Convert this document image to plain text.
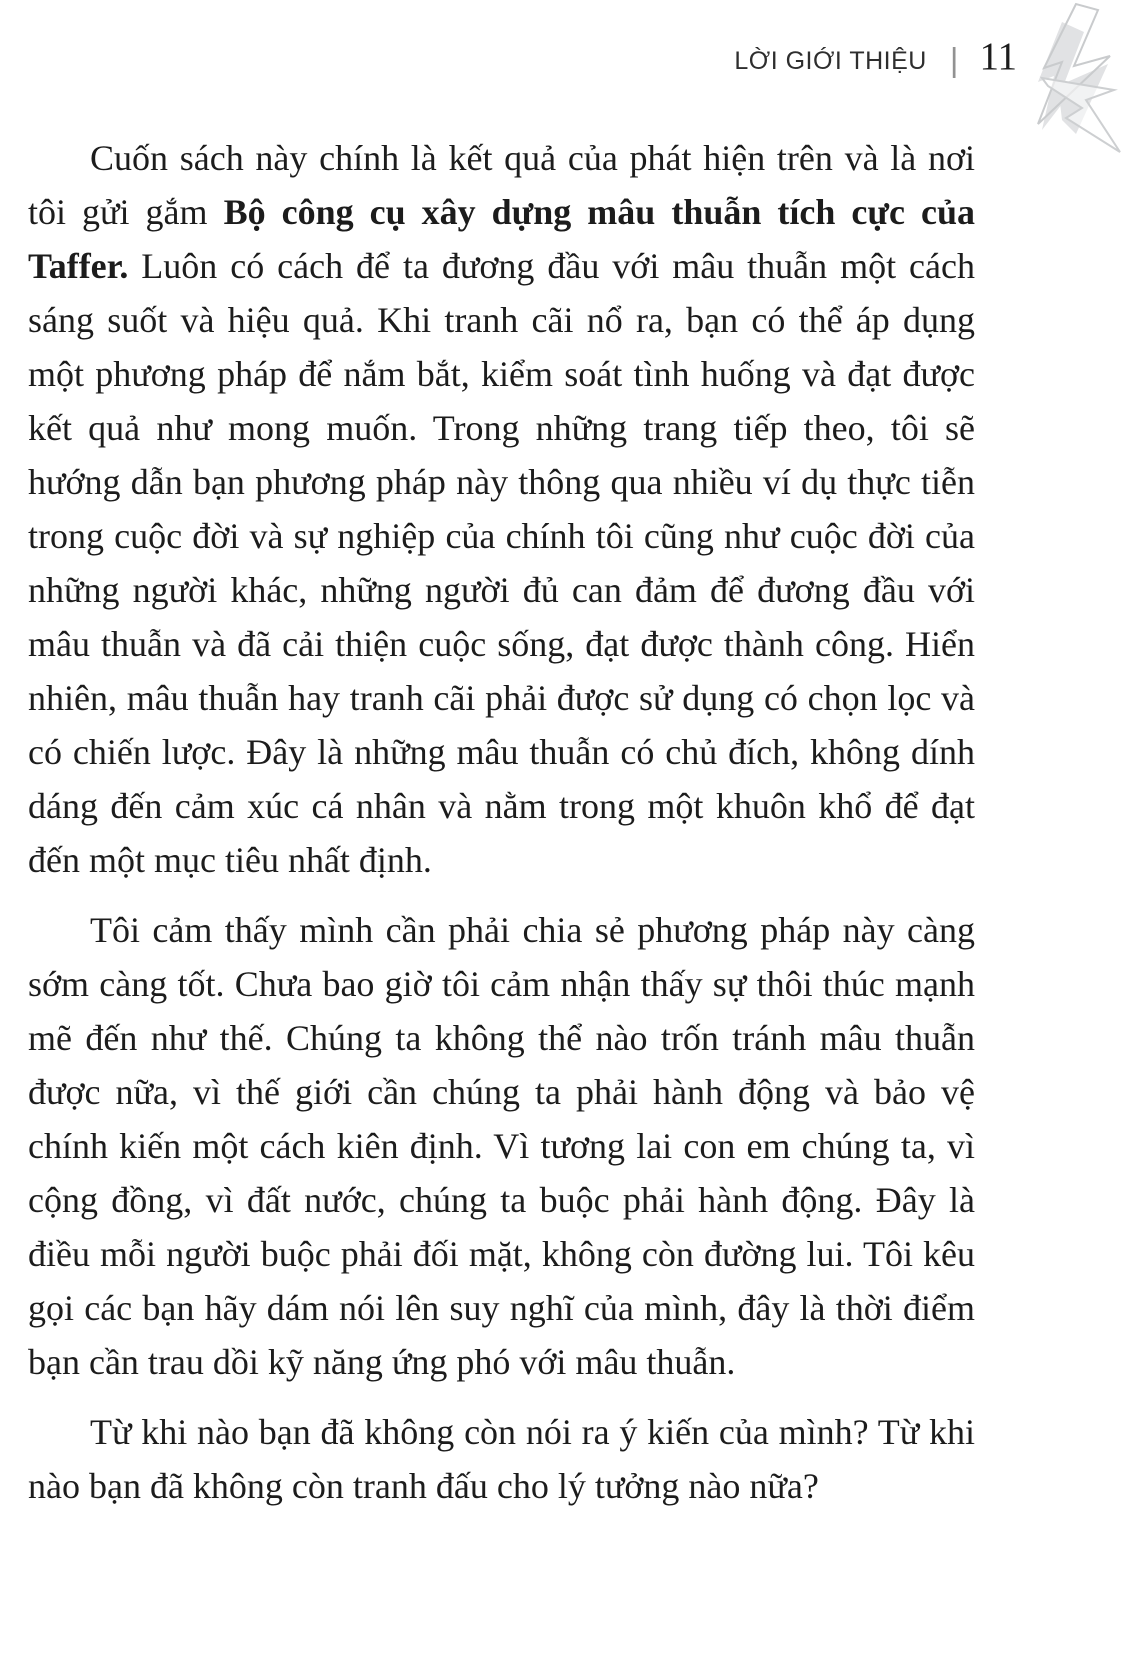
LỜI GIỚI THIỆU | 11

Cuốn sách này chính là kết quả của phát hiện trên và là nơi tôi gửi gắm Bộ công cụ xây dựng mâu thuẫn tích cực của Taffer. Luôn có cách để ta đương đầu với mâu thuẫn một cách sáng suốt và hiệu quả. Khi tranh cãi nổ ra, bạn có thể áp dụng một phương pháp để nắm bắt, kiểm soát tình huống và đạt được kết quả như mong muốn. Trong những trang tiếp theo, tôi sẽ hướng dẫn bạn phương pháp này thông qua nhiều ví dụ thực tiễn trong cuộc đời và sự nghiệp của chính tôi cũng như cuộc đời của những người khác, những người đủ can đảm để đương đầu với mâu thuẫn và đã cải thiện cuộc sống, đạt được thành công. Hiển nhiên, mâu thuẫn hay tranh cãi phải được sử dụng có chọn lọc và có chiến lược. Đây là những mâu thuẫn có chủ đích, không dính dáng đến cảm xúc cá nhân và nằm trong một khuôn khổ để đạt đến một mục tiêu nhất định.

Tôi cảm thấy mình cần phải chia sẻ phương pháp này càng sớm càng tốt. Chưa bao giờ tôi cảm nhận thấy sự thôi thúc mạnh mẽ đến như thế. Chúng ta không thể nào trốn tránh mâu thuẫn được nữa, vì thế giới cần chúng ta phải hành động và bảo vệ chính kiến một cách kiên định. Vì tương lai con em chúng ta, vì cộng đồng, vì đất nước, chúng ta buộc phải hành động. Đây là điều mỗi người buộc phải đối mặt, không còn đường lui. Tôi kêu gọi các bạn hãy dám nói lên suy nghĩ của mình, đây là thời điểm bạn cần trau dồi kỹ năng ứng phó với mâu thuẫn.

Từ khi nào bạn đã không còn nói ra ý kiến của mình? Từ khi nào bạn đã không còn tranh đấu cho lý tưởng nào nữa?
